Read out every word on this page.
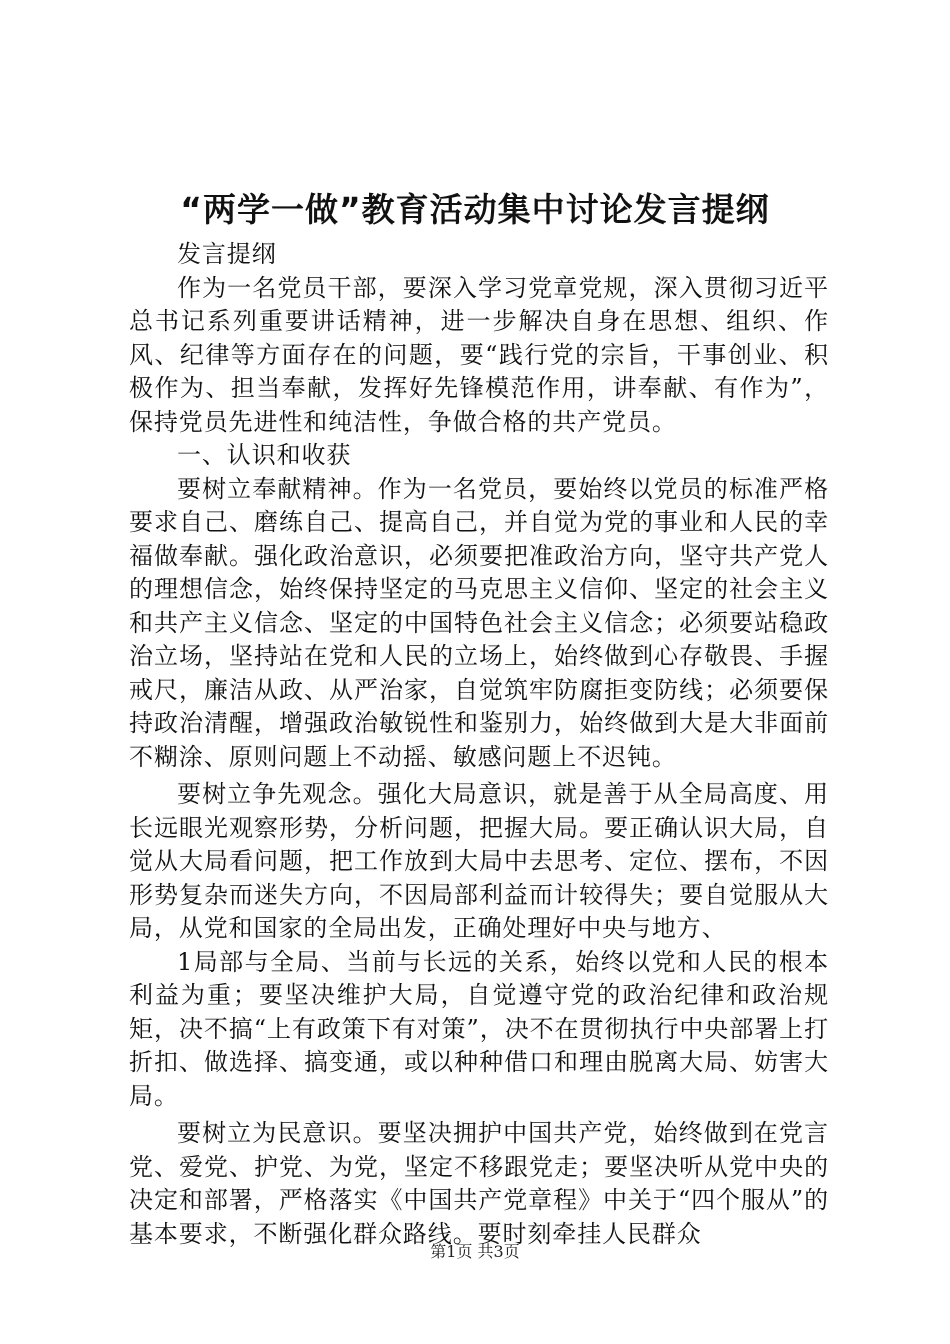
“两学一做”教育活动集中讨论发言提纲

发言提纲

作为一名党员干部，要深入学习党章党规，深入贯彻习近平总书记系列重要讲话精神，进一步解决自身在思想、组织、作风、纪律等方面存在的问题，要“践行党的宗旨，干事创业、积极作为、担当奉献，发挥好先锋模范作用，讲奉献、有作为”，保持党员先进性和纯洁性，争做合格的共产党员。

一、认识和收获

要树立奉献精神。作为一名党员，要始终以党员的标准严格要求自己、磨练自己、提高自己，并自觉为党的事业和人民的幸福做奉献。强化政治意识，必须要把准政治方向，坚守共产党人的理想信念，始终保持坚定的马克思主义信仰、坚定的社会主义和共产主义信念、坚定的中国特色社会主义信念；必须要站稳政治立场，坚持站在党和人民的立场上，始终做到心存敬畏、手握戒尺，廉洁从政、从严治家，自觉筑牢防腐拒变防线；必须要保持政治清醒，增强政治敏锐性和鉴别力，始终做到大是大非面前不糊涂、原则问题上不动摇、敏感问题上不迟钝。

要树立争先观念。强化大局意识，就是善于从全局高度、用长远眼光观察形势，分析问题，把握大局。要正确认识大局，自觉从大局看问题，把工作放到大局中去思考、定位、摆布，不因形势复杂而迷失方向，不因局部利益而计较得失；要自觉服从大局，从党和国家的全局出发，正确处理好中央与地方、

1局部与全局、当前与长远的关系，始终以党和人民的根本利益为重；要坚决维护大局，自觉遵守党的政治纪律和政治规矩，决不搞“上有政策下有对策”，决不在贯彻执行中央部署上打折扣、做选择、搞变通，或以种种借口和理由脱离大局、妨害大局。

要树立为民意识。要坚决拥护中国共产党，始终做到在党言党、爱党、护党、为党，坚定不移跟党走；要坚决听从党中央的决定和部署，严格落实《中国共产党章程》中关于“四个服从”的基本要求，不断强化群众路线。要时刻牵挂人民群众

第1页 共3页
